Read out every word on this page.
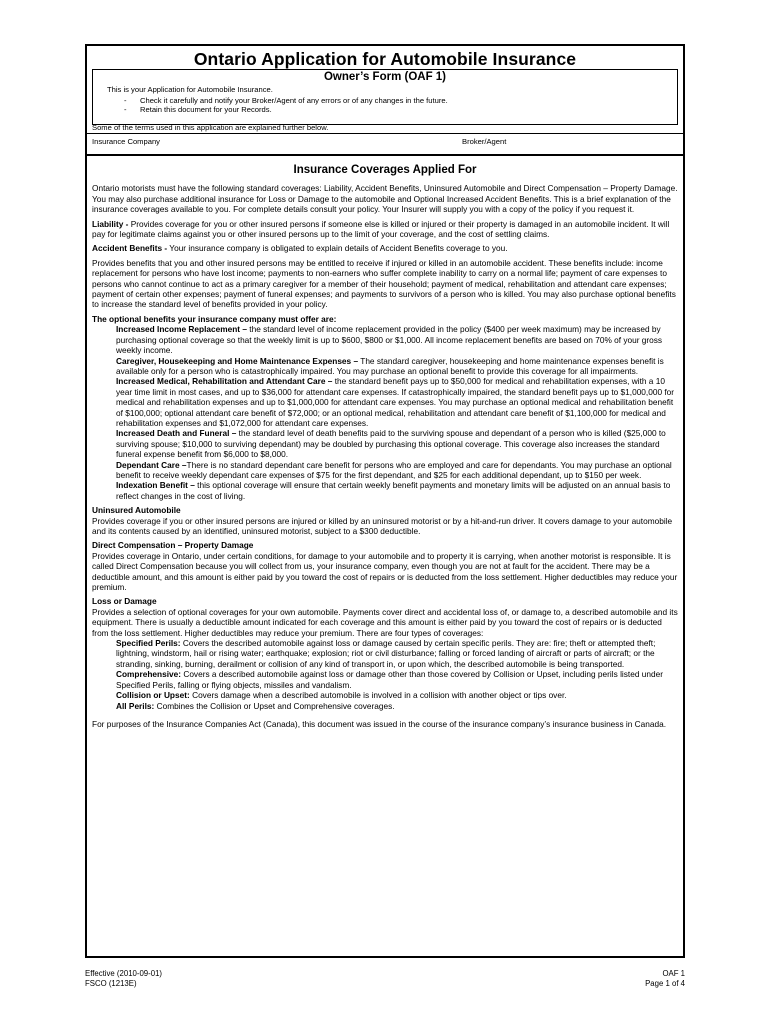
Ontario Application for Automobile Insurance
Owner’s Form (OAF 1)
This is your Application for Automobile Insurance.
- Check it carefully and notify your Broker/Agent of any errors or of any changes in the future.
- Retain this document for your Records.
Some of the terms used in this application are explained further below.
Insurance Company	Broker/Agent
Insurance Coverages Applied For

Ontario motorists must have the following standard coverages: Liability, Accident Benefits, Uninsured Automobile and Direct Compensation – Property Damage. You may also purchase additional insurance for Loss or Damage to the automobile and Optional Increased Accident Benefits. This is a brief explanation of the insurance coverages available to you. For complete details consult your policy. Your Insurer will supply you with a copy of the policy if you request it.

Liability - Provides coverage for you or other insured persons if someone else is killed or injured or their property is damaged in an automobile incident. It will pay for legitimate claims against you or other insured persons up to the limit of your coverage, and the cost of settling claims.

Accident Benefits - Your insurance company is obligated to explain details of Accident Benefits coverage to you.

Provides benefits that you and other insured persons may be entitled to receive if injured or killed in an automobile accident. These benefits include: income replacement for persons who have lost income; payments to non-earners who suffer complete inability to carry on a normal life; payment of care expenses to persons who cannot continue to act as a primary caregiver for a member of their household; payment of medical, rehabilitation and attendant care expenses; payment of certain other expenses; payment of funeral expenses; and payments to survivors of a person who is killed. You may also purchase optional benefits to increase the standard level of benefits provided in your policy.

The optional benefits your insurance company must offer are:
Increased Income Replacement – the standard level of income replacement provided in the policy ($400 per week maximum) may be increased by purchasing optional coverage so that the weekly limit is up to $600, $800 or $1,000. All income replacement benefits are based on 70% of your gross weekly income.
Caregiver, Housekeeping and Home Maintenance Expenses – The standard caregiver, housekeeping and home maintenance expenses benefit is available only for a person who is catastrophically impaired. You may purchase an optional benefit to provide this coverage for all impairments.
Increased Medical, Rehabilitation and Attendant Care – the standard benefit pays up to $50,000 for medical and rehabilitation expenses, with a 10 year time limit in most cases, and up to $36,000 for attendant care expenses. If catastrophically impaired, the standard benefit pays up to $1,000,000 for medical and rehabilitation expenses and up to $1,000,000 for attendant care expenses. You may purchase an optional medical and rehabilitation benefit of $100,000; optional attendant care benefit of $72,000; or an optional medical, rehabilitation and attendant care benefit of $1,100,000 for medical and rehabilitation expenses and $1,072,000 for attendant care expenses.
Increased Death and Funeral – the standard level of death benefits paid to the surviving spouse and dependant of a person who is killed ($25,000 to surviving spouse; $10,000 to surviving dependant) may be doubled by purchasing this optional coverage. This coverage also increases the standard funeral expense benefit from $6,000 to $8,000.
Dependant Care –There is no standard dependant care benefit for persons who are employed and care for dependants. You may purchase an optional benefit to receive weekly dependant care expenses of $75 for the first dependant, and $25 for each additional dependant, up to $150 per week.
Indexation Benefit – this optional coverage will ensure that certain weekly benefit payments and monetary limits will be adjusted on an annual basis to reflect changes in the cost of living.
Uninsured Automobile
Provides coverage if you or other insured persons are injured or killed by an uninsured motorist or by a hit-and-run driver. It covers damage to your automobile and its contents caused by an identified, uninsured motorist, subject to a $300 deductible.
Direct Compensation – Property Damage
Provides coverage in Ontario, under certain conditions, for damage to your automobile and to property it is carrying, when another motorist is responsible. It is called Direct Compensation because you will collect from us, your insurance company, even though you are not at fault for the accident. There may be a deductible amount, and this amount is either paid by you toward the cost of repairs or is deducted from the loss settlement. Higher deductibles may reduce your premium.
Loss or Damage
Provides a selection of optional coverages for your own automobile. Payments cover direct and accidental loss of, or damage to, a described automobile and its equipment. There is usually a deductible amount indicated for each coverage and this amount is either paid by you toward the cost of repairs or is deducted from the loss settlement. Higher deductibles may reduce your premium. There are four types of coverages:
Specified Perils: Covers the described automobile against loss or damage caused by certain specific perils. They are: fire; theft or attempted theft; lightning, windstorm, hail or rising water; earthquake; explosion; riot or civil disturbance; falling or forced landing of aircraft or parts of aircraft; or the stranding, sinking, burning, derailment or collision of any kind of transport in, or upon which, the described automobile is being transported.
Comprehensive: Covers a described automobile against loss or damage other than those covered by Collision or Upset, including perils listed under Specified Perils, falling or flying objects, missiles and vandalism.
Collision or Upset: Covers damage when a described automobile is involved in a collision with another object or tips over.
All Perils: Combines the Collision or Upset and Comprehensive coverages.

For purposes of the Insurance Companies Act (Canada), this document was issued in the course of the insurance company’s insurance business in Canada.

Effective (2010-09-01)
FSCO (1213E)
OAF 1
Page 1 of 4
